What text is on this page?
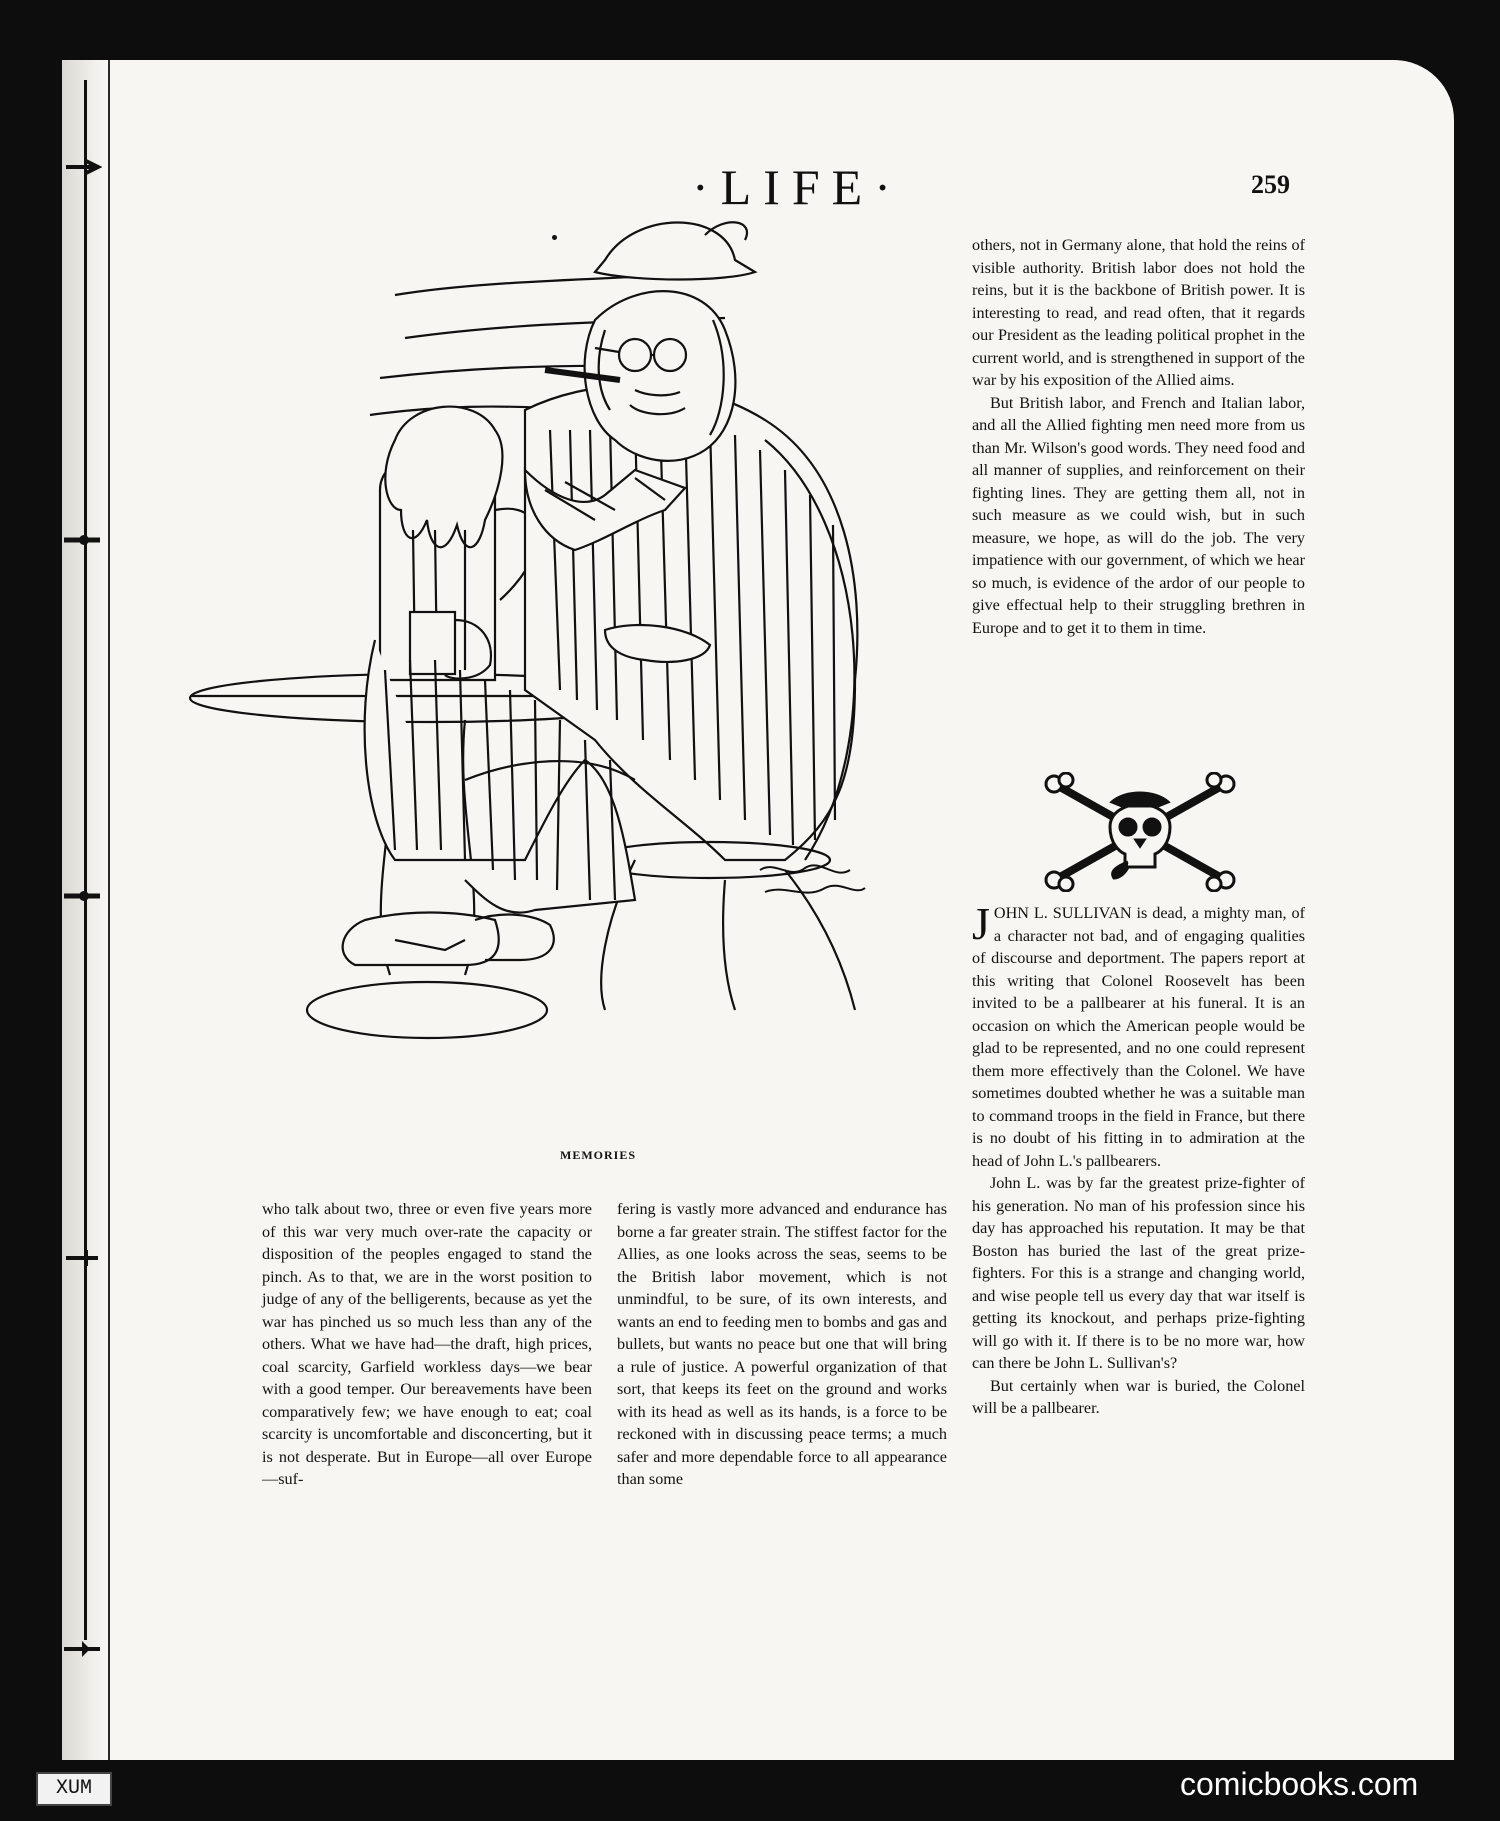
·LIFE·	259
MEMORIES

who talk about two, three or even five years more of this war very much over-rate the capacity or disposition of the peoples engaged to stand the pinch. As to that, we are in the worst position to judge of any of the belligerents, because as yet the war has pinched us so much less than any of the others. What we have had—the draft, high prices, coal scarcity, Garfield workless days—we bear with a good temper. Our bereavements have been comparatively few; we have enough to eat; coal scarcity is uncomfortable and disconcerting, but it is not desperate. But in Europe—all over Europe—suf-

fering is vastly more advanced and endurance has borne a far greater strain. The stiffest factor for the Allies, as one looks across the seas, seems to be the British labor movement, which is not unmindful, to be sure, of its own interests, and wants an end to feeding men to bombs and gas and bullets, but wants no peace but one that will bring a rule of justice. A powerful organization of that sort, that keeps its feet on the ground and works with its head as well as its hands, is a force to be reckoned with in discussing peace terms; a much safer and more dependable force to all appearance than some

others, not in Germany alone, that hold the reins of visible authority. British labor does not hold the reins, but it is the backbone of British power. It is interesting to read, and read often, that it regards our President as the leading political prophet in the current world, and is strengthened in support of the war by his exposition of the Allied aims.

But British labor, and French and Italian labor, and all the Allied fighting men need more from us than Mr. Wilson's good words. They need food and all manner of supplies, and reinforcement on their fighting lines. They are getting them all, not in such measure as we could wish, but in such measure, we hope, as will do the job. The very impatience with our government, of which we hear so much, is evidence of the ardor of our people to give effectual help to their struggling brethren in Europe and to get it to them in time.

JOHN L. SULLIVAN is dead, a mighty man, of a character not bad, and of engaging qualities of discourse and deportment. The papers report at this writing that Colonel Roosevelt has been invited to be a pallbearer at his funeral. It is an occasion on which the American people would be glad to be represented, and no one could represent them more effectively than the Colonel. We have sometimes doubted whether he was a suitable man to command troops in the field in France, but there is no doubt of his fitting in to admiration at the head of John L.'s pallbearers.

John L. was by far the greatest prize-fighter of his generation. No man of his profession since his day has approached his reputation. It may be that Boston has buried the last of the great prize-fighters. For this is a strange and changing world, and wise people tell us every day that war itself is getting its knockout, and perhaps prize-fighting will go with it. If there is to be no more war, how can there be John L. Sullivan's?

But certainly when war is buried, the Colonel will be a pallbearer.

XUM	comicbooks.com
